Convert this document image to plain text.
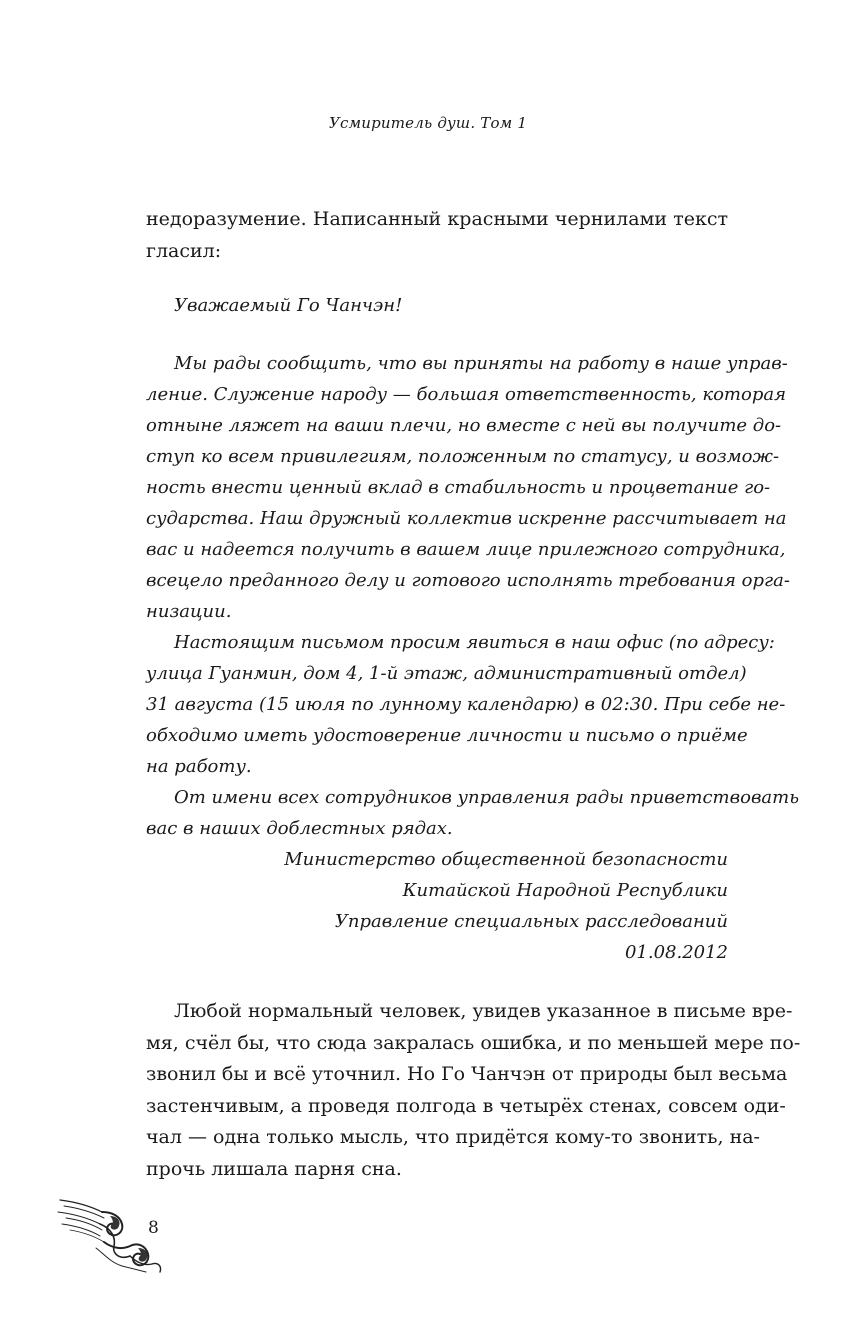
Усмиритель душ. Том 1
недоразумение. Написанный красными чернилами текст
гласил:
Уважаемый Го Чанчэн!
Мы рады сообщить, что вы приняты на работу в наше управ-
ление. Служение народу — большая ответственность, которая
отныне ляжет на ваши плечи, но вместе с ней вы получите до-
ступ ко всем привилегиям, положенным по статусу, и возмож-
ность внести ценный вклад в стабильность и процветание го-
сударства. Наш дружный коллектив искренне рассчитывает на
вас и надеется получить в вашем лице прилежного сотрудника,
всецело преданного делу и готового исполнять требования орга-
низации.
Настоящим письмом просим явиться в наш офис (по адресу:
улица Гуанмин, дом 4, 1-й этаж, административный отдел)
31 августа (15 июля по лунному календарю) в 02:30. При себе не-
обходимо иметь удостоверение личности и письмо о приёме
на работу.
От имени всех сотрудников управления рады приветствовать
вас в наших доблестных рядах.
Министерство общественной безопасности
Китайской Народной Республики
Управление специальных расследований
01.08.2012
Любой нормальный человек, увидев указанное в письме вре-
мя, счёл бы, что сюда закралась ошибка, и по меньшей мере по-
звонил бы и всё уточнил. Но Го Чанчэн от природы был весьма
застенчивым, а проведя полгода в четырёх стенах, совсем оди-
чал — одна только мысль, что придётся кому-то звонить, на-
прочь лишала парня сна.
8
